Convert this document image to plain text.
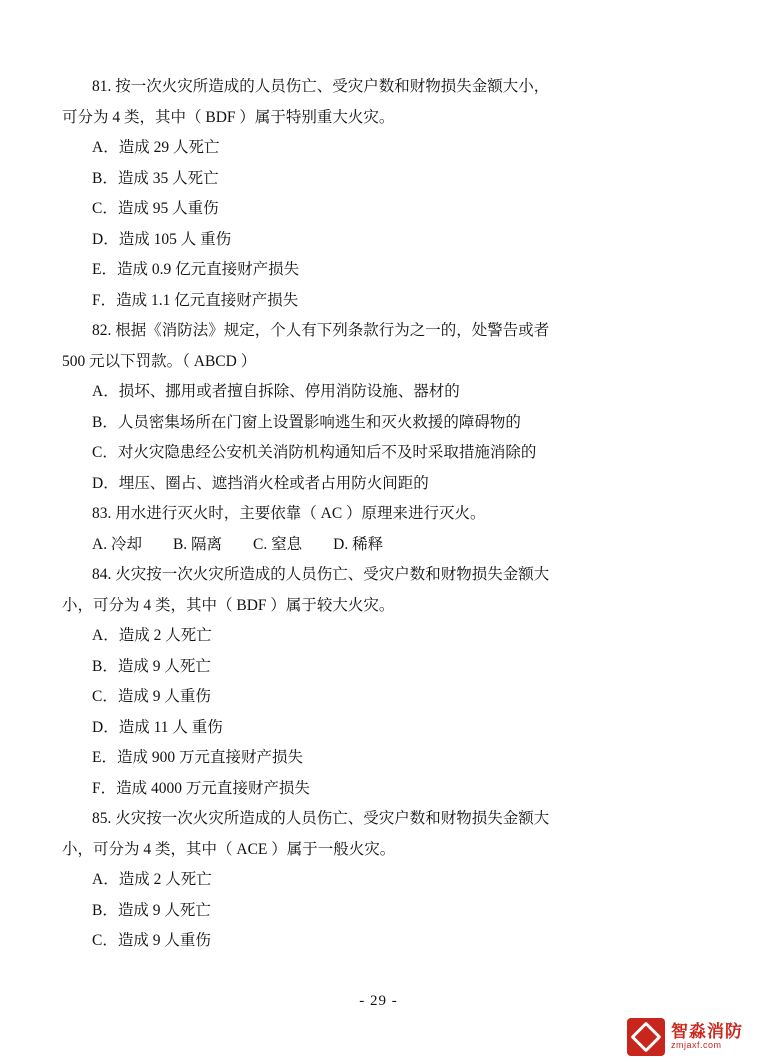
81. 按一次火灾所造成的人员伤亡、受灾户数和财物损失金额大小，

可分为 4 类，其中（ BDF ）属于特别重大火灾。

A．造成 29 人死亡

B．造成 35 人死亡

C．造成 95 人重伤

D．造成 105 人 重伤

E．造成 0.9 亿元直接财产损失

F．造成 1.1 亿元直接财产损失

82. 根据《消防法》规定，个人有下列条款行为之一的，处警告或者

500 元以下罚款。（ ABCD ）

A．损坏、挪用或者擅自拆除、停用消防设施、器材的

B．人员密集场所在门窗上设置影响逃生和灭火救援的障碍物的

C．对火灾隐患经公安机关消防机构通知后不及时采取措施消除的

D．埋压、圈占、遮挡消火栓或者占用防火间距的

83. 用水进行灭火时，主要依靠（ AC ）原理来进行灭火。

A. 冷却        B. 隔离        C. 窒息        D. 稀释

84. 火灾按一次火灾所造成的人员伤亡、受灾户数和财物损失金额大

小，可分为 4 类，其中（ BDF ）属于较大火灾。

A．造成 2 人死亡

B．造成 9 人死亡

C．造成 9 人重伤

D．造成 11 人 重伤

E．造成 900 万元直接财产损失

F．造成 4000 万元直接财产损失

85. 火灾按一次火灾所造成的人员伤亡、受灾户数和财物损失金额大

小，可分为 4 类，其中（ ACE ）属于一般火灾。

A．造成 2 人死亡

B．造成 9 人死亡

C．造成 9 人重伤

- 29 -
智淼消防
zmjaxf.com
